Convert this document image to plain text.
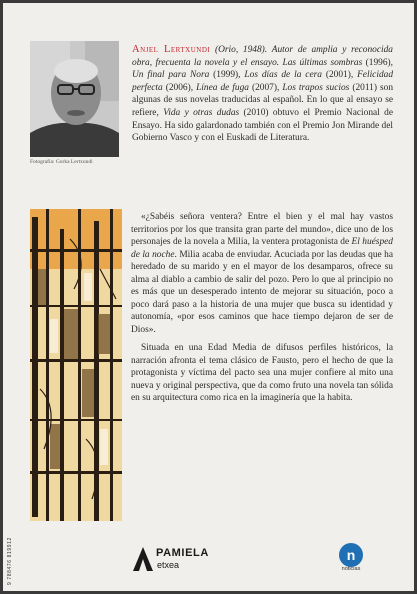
Fotografía: Gorka Lertxundi
Anjel Lertxundi (Orio, 1948). Autor de amplia y reconocida obra, frecuenta la novela y el ensayo. Las últimas sombras (1996), Un final para Nora (1999), Los días de la cera (2001), Felicidad perfecta (2006), Línea de fuga (2007), Los trapos sucios (2011) son algunas de sus novelas traducidas al español. En lo que al ensayo se refiere, Vida y otras dudas (2010) obtuvo el Premio Nacional de Ensayo. Ha sido galardonado también con el Premio Jon Mirande del Gobierno Vasco y con el Euskadi de Literatura.

«¿Sabéis señora ventera? Entre el bien y el mal hay vastos territorios por los que transita gran parte del mundo», dice uno de los personajes de la novela a Milia, la ventera protagonista de El huésped de la noche. Milia acaba de enviudar. Acuciada por las deudas que ha heredado de su marido y en el mayor de los desamparos, ofrece su alma al diablo a cambio de salir del pozo. Pero lo que al principio no es más que un desesperado intento de mejorar su situación, poco a poco dará paso a la historia de una mujer que busca su identidad y autonomía, «por esos caminos que hace tiempo dejaron de ser de Dios».

Situada en una Edad Media de difusos perfiles históricos, la narración afronta el tema clásico de Fausto, pero el hecho de que la protagonista y víctima del pacto sea una mujer confiere al mito una nueva y original perspectiva, que da como fruto una novela tan sólida en su arquitectura como rica en la imaginería que la habita.

9 788476 819912	PAMIELA
etxea
n
noticias
